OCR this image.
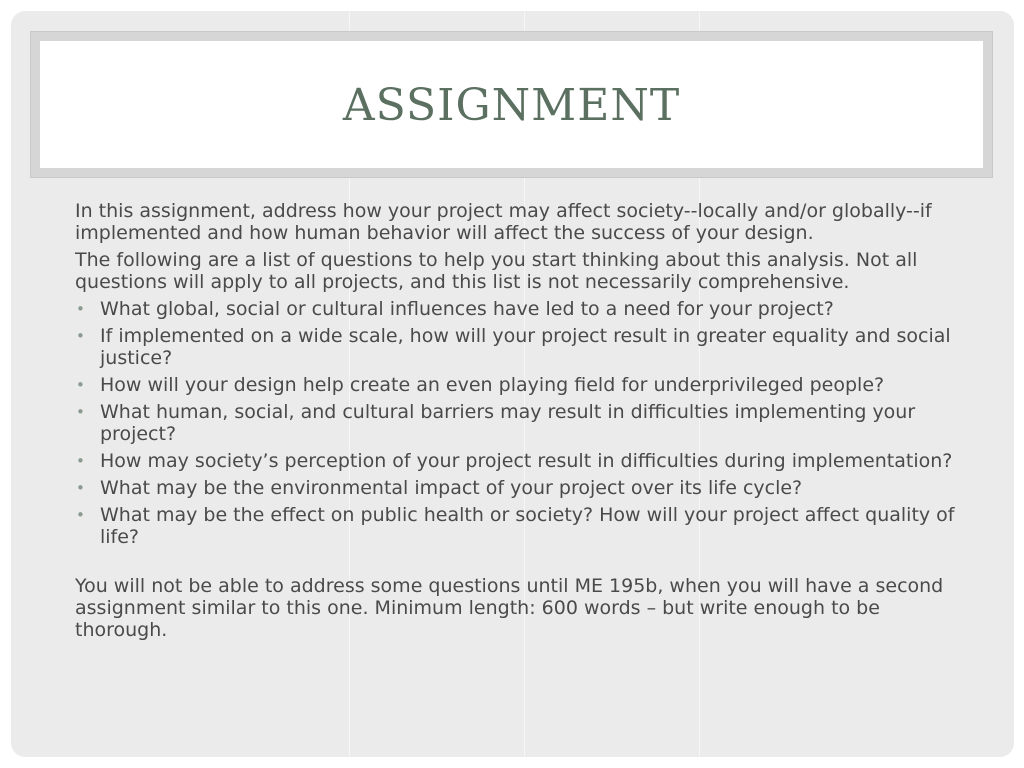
ASSIGNMENT

In this assignment, address how your project may affect society--locally and/or globally--if implemented and how human behavior will affect the success of your design.

The following are a list of questions to help you start thinking about this analysis. Not all questions will apply to all projects, and this list is not necessarily comprehensive.

• What global, social or cultural influences have led to a need for your project?
• If implemented on a wide scale, how will your project result in greater equality and social justice?
• How will your design help create an even playing field for underprivileged people?
• What human, social, and cultural barriers may result in difficulties implementing your project?
• How may society’s perception of your project result in difficulties during implementation?
• What may be the environmental impact of your project over its life cycle?
• What may be the effect on public health or society? How will your project affect quality of life?

You will not be able to address some questions until ME 195b, when you will have a second assignment similar to this one. Minimum length: 600 words – but write enough to be thorough.
